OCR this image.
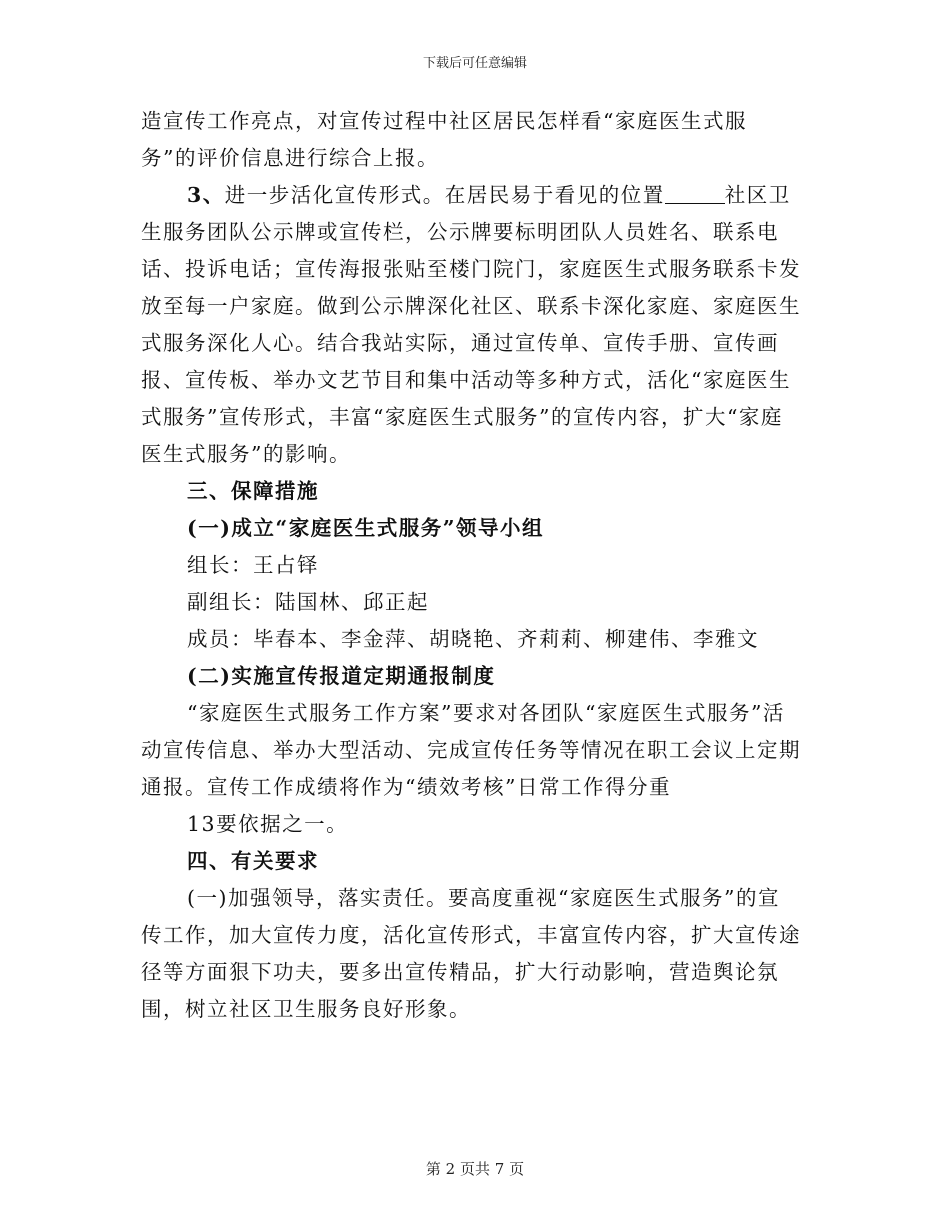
下载后可任意编辑

造宣传工作亮点，对宣传过程中社区居民怎样看“家庭医生式服务”的评价信息进行综合上报。

3、进一步活化宣传形式。在居民易于看见的位置	社区卫生服务团队公示牌或宣传栏，公示牌要标明团队人员姓名、联系电话、投诉电话；宣传海报张贴至楼门院门，家庭医生式服务联系卡发放至每一户家庭。做到公示牌深化社区、联系卡深化家庭、家庭医生式服务深化人心。结合我站实际，通过宣传单、宣传手册、宣传画报、宣传板、举办文艺节目和集中活动等多种方式，活化“家庭医生式服务”宣传形式，丰富“家庭医生式服务”的宣传内容，扩大“家庭医生式服务”的影响。

三、保障措施

(一)成立“家庭医生式服务”领导小组

组长：王占铎

副组长：陆国林、邱正起

成员：毕春本、李金萍、胡晓艳、齐莉莉、柳建伟、李雅文

(二)实施宣传报道定期通报制度

“家庭医生式服务工作方案”要求对各团队“家庭医生式服务”活动宣传信息、举办大型活动、完成宣传任务等情况在职工会议上定期通报。宣传工作成绩将作为“绩效考核”日常工作得分重

13要依据之一。

四、有关要求

(一)加强领导，落实责任。要高度重视“家庭医生式服务”的宣传工作，加大宣传力度，活化宣传形式，丰富宣传内容，扩大宣传途径等方面狠下功夫，要多出宣传精品，扩大行动影响，营造舆论氛围，树立社区卫生服务良好形象。

第 2 页共 7 页
